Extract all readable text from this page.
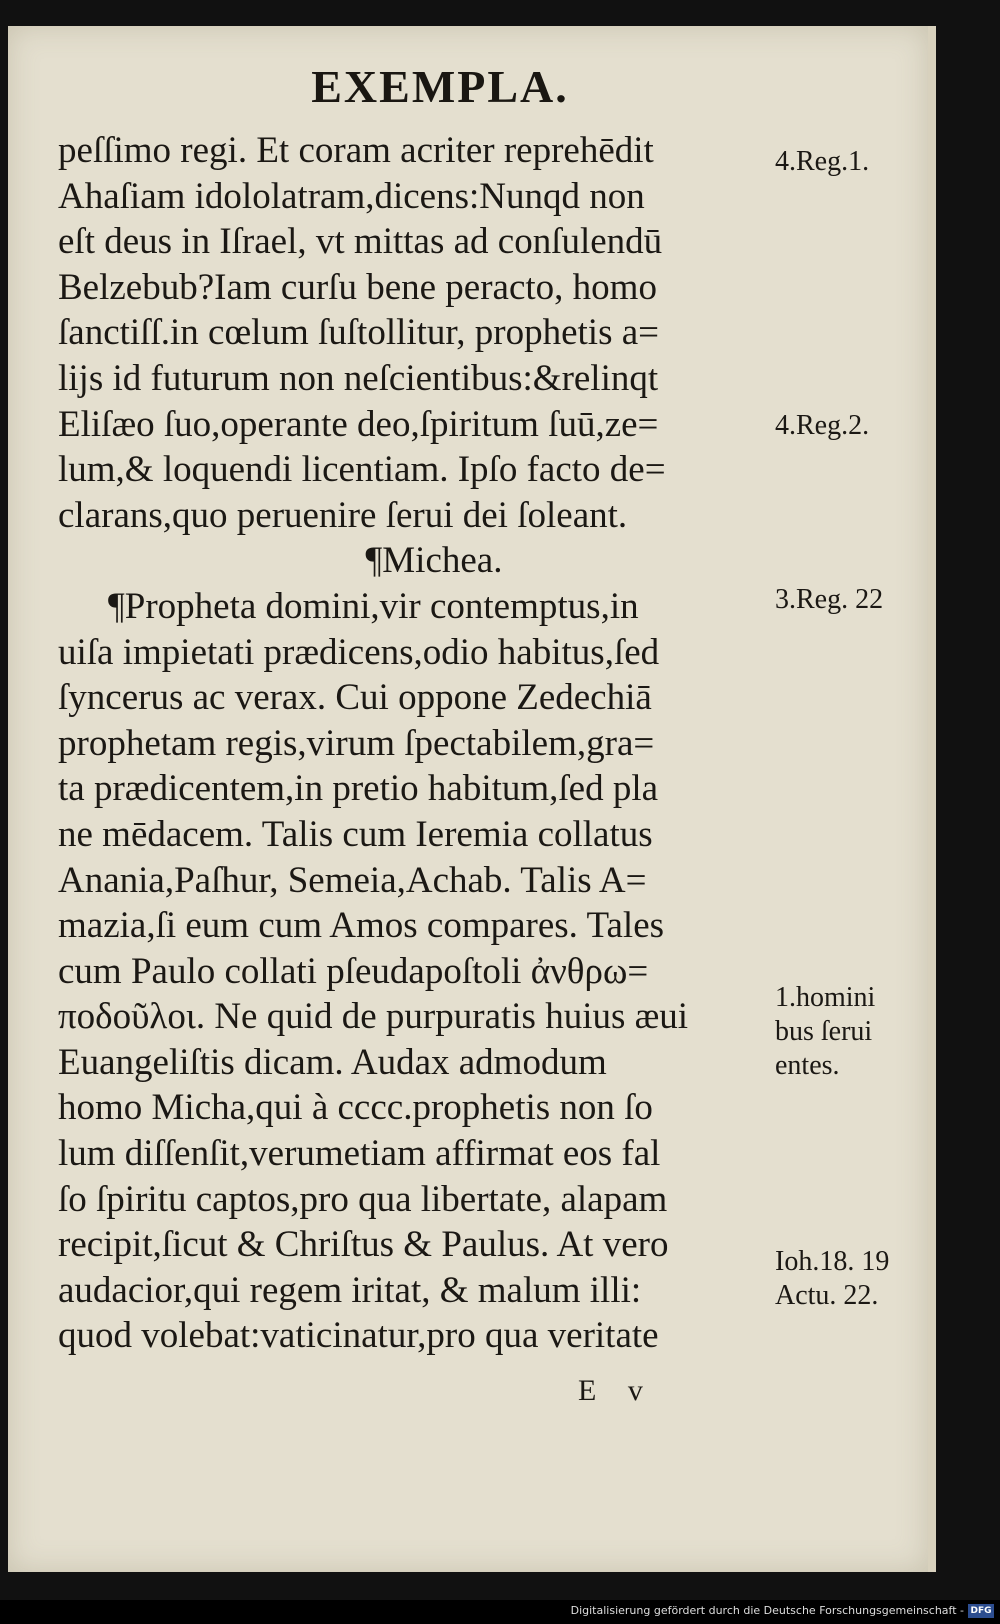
EXEMPLA.
peſſimo regi. Et coram acriter reprehēdit
Ahaſiam idololatram,dicens:Nunqd non
eſt deus in Iſrael, vt mittas ad conſulendū
Belzebub?Iam curſu bene peracto, homo
ſanctiſſ.in cœlum ſuſtollitur, prophetis a=
lijs id futurum non neſcientibus:&relinqt
Eliſæo ſuo,operante deo,ſpiritum ſuū,ze=
lum,& loquendi licentiam. Ipſo facto de=
clarans,quo peruenire ſerui dei ſoleant.
¶Michea.
¶Propheta domini,vir contemptus,in
uiſa impietati prædicens,odio habitus,ſed
ſyncerus ac verax. Cui oppone Zedechiā
prophetam regis,virum ſpectabilem,gra=
ta prædicentem,in pretio habitum,ſed pla
ne mēdacem. Talis cum Ieremia collatus
Anania,Paſhur, Semeia,Achab. Talis A=
mazia,ſi eum cum Amos compares. Tales
cum Paulo collati pſeudapoſtoli ἀνθρω=
ποδοῦλοι. Ne quid de purpuratis huius æui
Euangeliſtis dicam. Audax admodum
homo Micha,qui à cccc.prophetis non ſo
lum diſſenſit,verumetiam affirmat eos fal
ſo ſpiritu captos,pro qua libertate, alapam
recipit,ſicut & Chriſtus & Paulus. At vero
audacior,qui regem iritat, & malum illi:
quod volebat:vaticinatur,pro qua veritate
4.Reg.1.
4.Reg.2.
3.Reg. 22
1.homini
bus ſerui
entes.
Ioh.18. 19
Actu. 22.
E v
Digitalisierung gefördert durch die Deutsche Forschungsgemeinschaft - DFG
